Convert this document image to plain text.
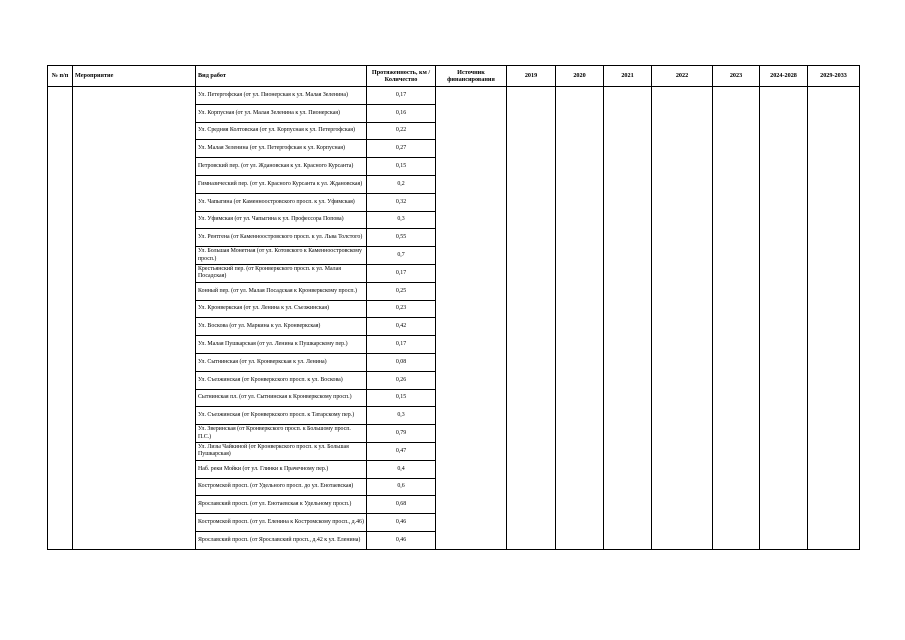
№ п/п	Мероприятие	Вид работ	Протяженность, км / Количество	Источник финансирования	2019	2020	2021	2022	2023	2024-2028	2029-2033
		Ул. Петергофская (от ул. Пионерская к ул. Малая Зеленина)	0,17								
		Ул. Корпусная (от ул. Малая Зеленина к ул. Пионерская)	0,16								
		Ул. Средняя Колтовская (от ул. Корпусная к ул. Петергофская)	0,22								
		Ул. Малая Зеленина (от ул. Петергофская к ул. Корпусная)	0,27								
		Петровский пер. (от ул. Ждановская к ул. Красного Курсанта)	0,15								
		Гимназический пер. (от ул. Красного Курсанта к ул. Ждановская)	0,2								
		Ул. Чапыгина (от Каменноостровского просп. к ул. Уфимская)	0,32								
		Ул. Уфимская (от ул. Чапыгина к ул. Профессора Попова)	0,3								
		Ул. Рентгена (от Каменноостровского просп. к ул. Льва Толстого)	0,55								
		Ул. Большая Монетная (от ул. Котовского к Каменноостровскому просп.)	0,7								
		Крестьянский пер. (от Кронверкского просп. к ул. Малая Посадская)	0,17								
		Конный пер. (от ул. Малая Посадская к Кронверкскому просп.)	0,25								
		Ул. Кронверкская (от ул. Ленина к ул. Съезжинская)	0,23								
		Ул. Воскова (от ул. Маркина к ул. Кронверкская)	0,42								
		Ул. Малая Пушкарская (от ул. Ленина к Пушкарскому пер.)	0,17								
		Ул. Сытнинская (от ул. Кронверкская к ул. Ленина)	0,08								
		Ул. Съезжинская (от Кронверкского просп. к ул. Воскова)	0,26								
		Сытнинская пл. (от ул. Сытнинская к Кронверкскому просп.)	0,15								
		Ул. Съезжинская (от Кронверкского просп. к Татарскому пер.)	0,3								
		Ул. Зверинская (от Кронверкского просп. к Большому просп. П.С.)	0,79								
		Ул. Лизы Чайкиной (от Кронверкского просп. к ул. Большая Пушкарская)	0,47								
		Наб. реки Мойки (от ул. Глинки к Прачечному пер.)	0,4								
		Костромской просп. (от Удельного просп. до ул. Енотаевская)	0,6								
		Ярославский просп. (от ул. Енотаевская к Удельному просп.)	0,68								
		Костромской просп. (от ул. Еленина к Костромскому просп., д.46)	0,46								
		Ярославский просп. (от Ярославский просп., д.42 к ул. Еленина)	0,46								
